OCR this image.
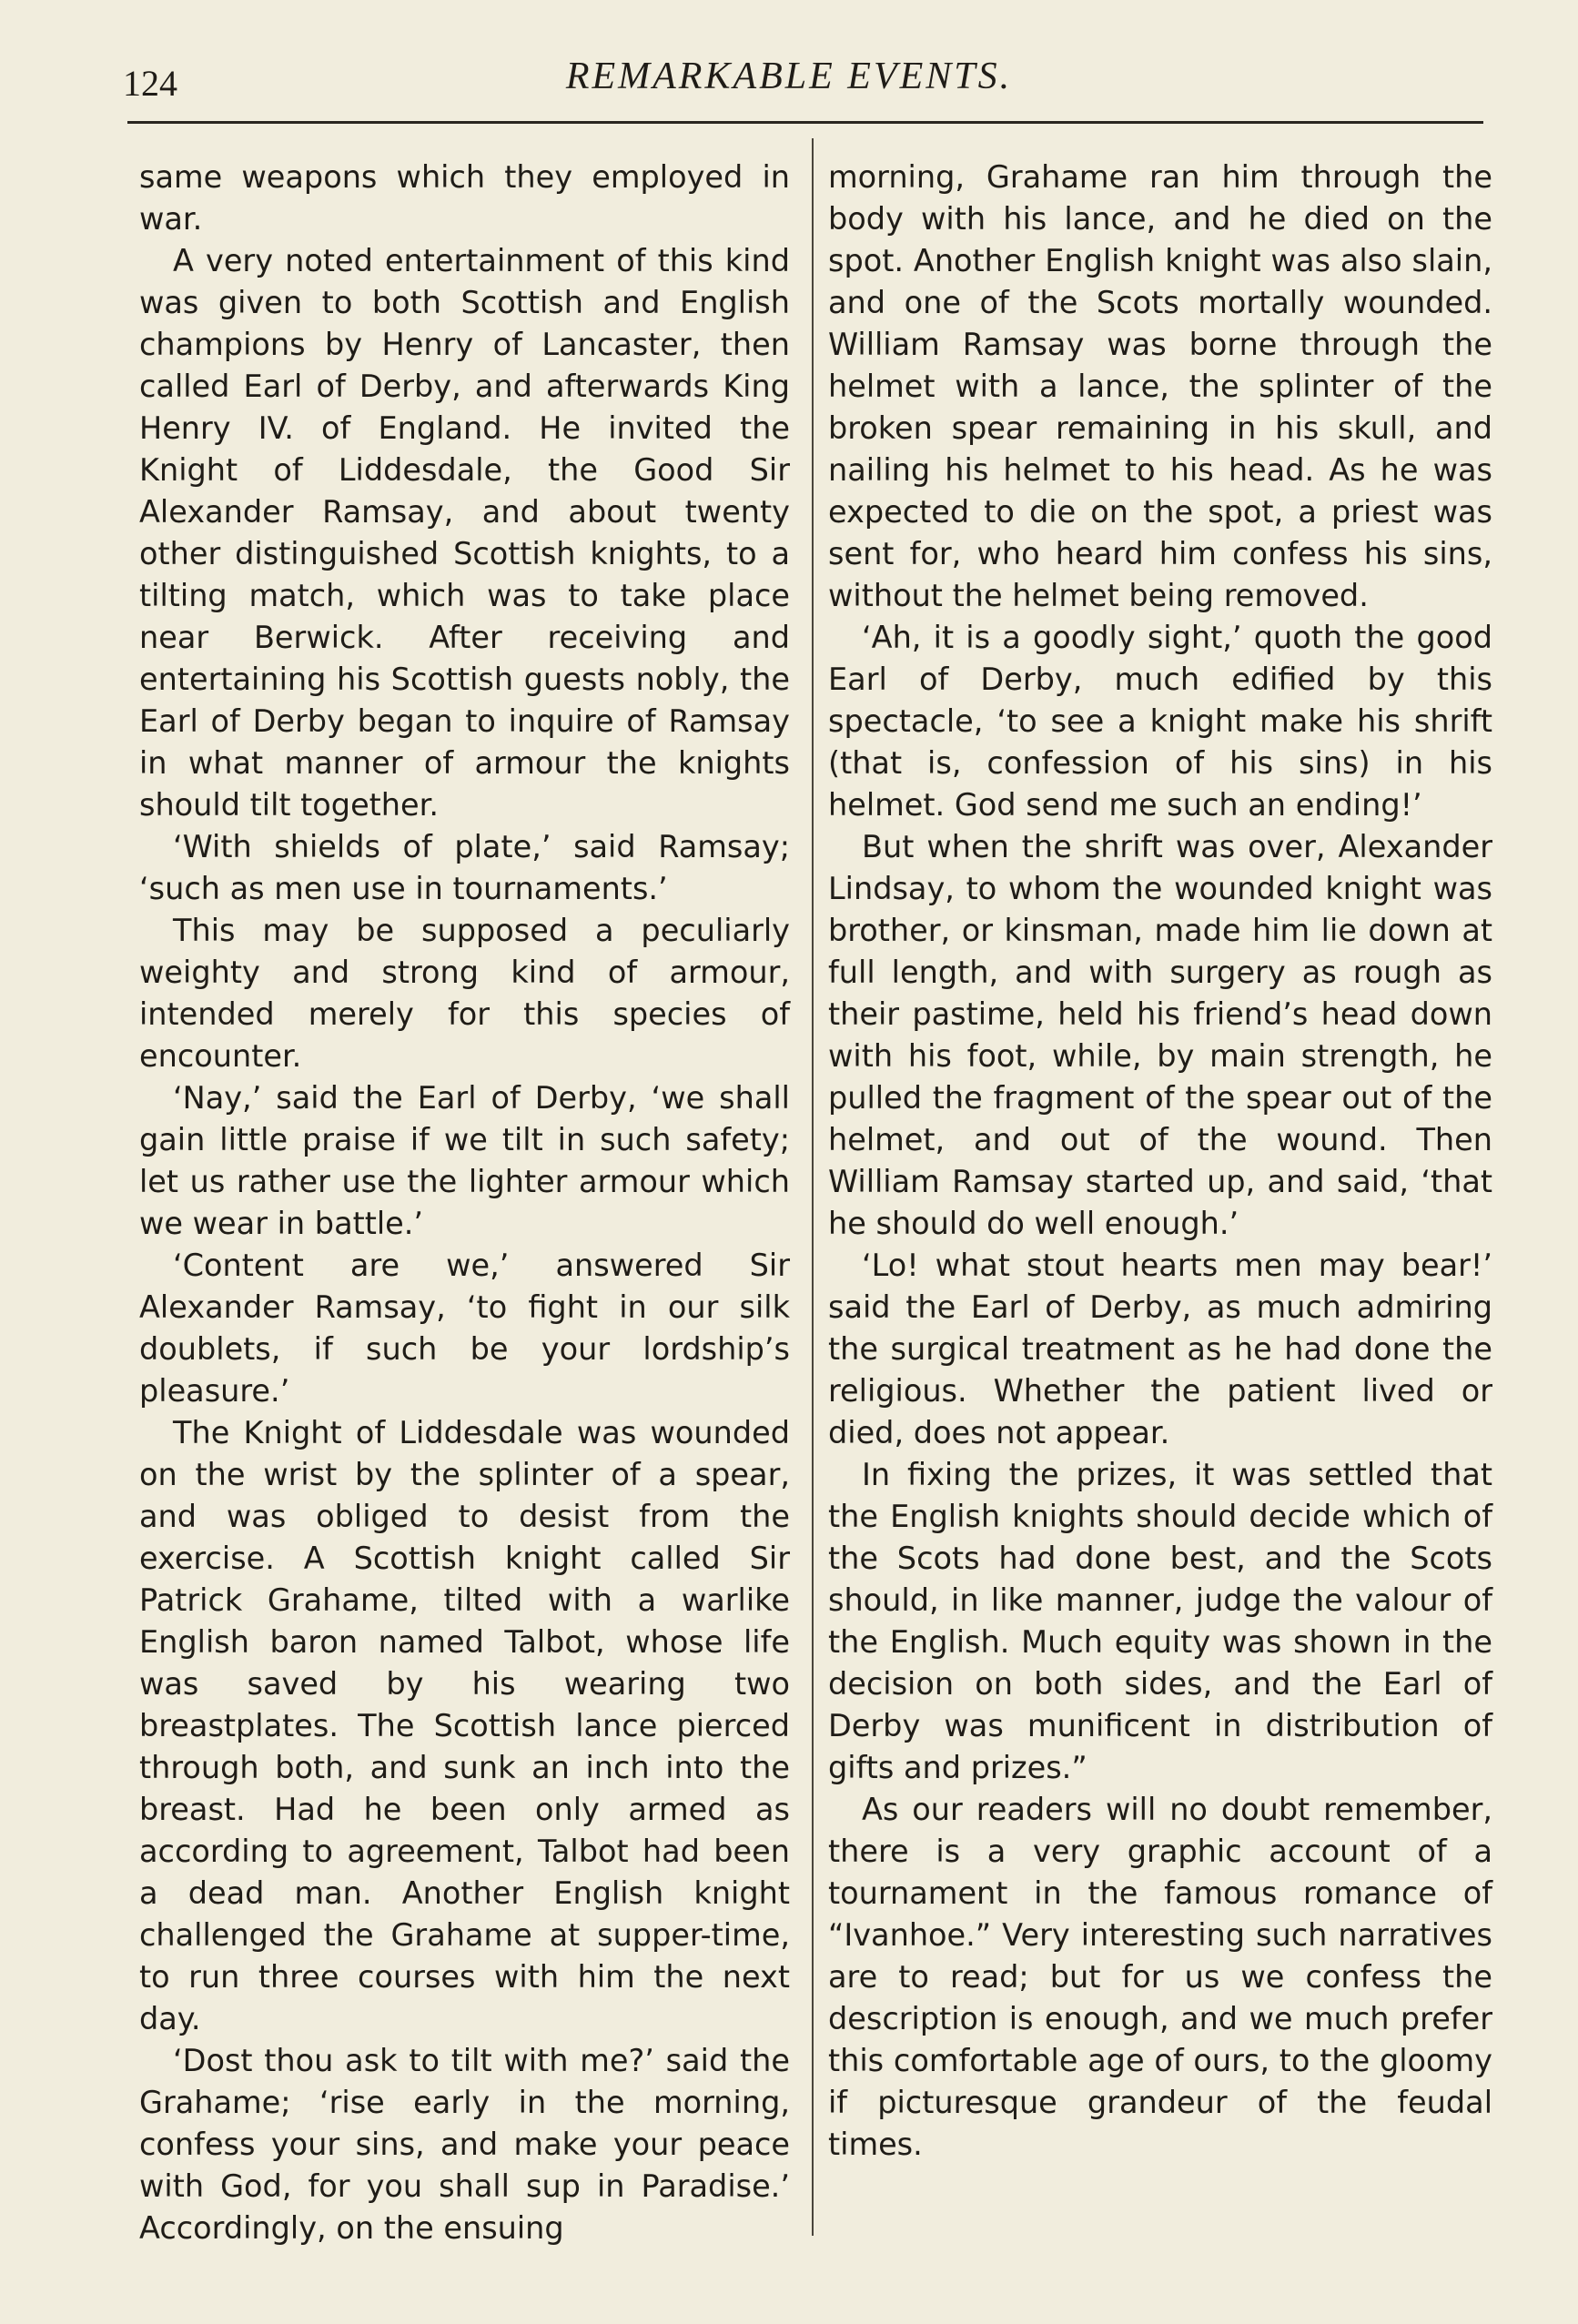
124	REMARKABLE EVENTS.

same weapons which they employed in war.

A very noted entertainment of this kind was given to both Scottish and English champions by Henry of Lancaster, then called Earl of Derby, and afterwards King Henry IV. of England. He invited the Knight of Liddesdale, the Good Sir Alexander Ramsay, and about twenty other distinguished Scottish knights, to a tilting match, which was to take place near Berwick. After receiving and entertaining his Scottish guests nobly, the Earl of Derby began to inquire of Ramsay in what manner of armour the knights should tilt together.

‘With shields of plate,’ said Ramsay; ‘such as men use in tournaments.’

This may be supposed a peculiarly weighty and strong kind of armour, intended merely for this species of encounter.

‘Nay,’ said the Earl of Derby, ‘we shall gain little praise if we tilt in such safety; let us rather use the lighter armour which we wear in battle.’

‘Content are we,’ answered Sir Alexander Ramsay, ‘to fight in our silk doublets, if such be your lordship’s pleasure.’

The Knight of Liddesdale was wounded on the wrist by the splinter of a spear, and was obliged to desist from the exercise. A Scottish knight called Sir Patrick Grahame, tilted with a warlike English baron named Talbot, whose life was saved by his wearing two breastplates. The Scottish lance pierced through both, and sunk an inch into the breast. Had he been only armed as according to agreement, Talbot had been a dead man. Another English knight challenged the Grahame at supper-time, to run three courses with him the next day.

‘Dost thou ask to tilt with me?’ said the Grahame; ‘rise early in the morning, confess your sins, and make your peace with God, for you shall sup in Paradise.’ Accordingly, on the ensuing

morning, Grahame ran him through the body with his lance, and he died on the spot. Another English knight was also slain, and one of the Scots mortally wounded. William Ramsay was borne through the helmet with a lance, the splinter of the broken spear remaining in his skull, and nailing his helmet to his head. As he was expected to die on the spot, a priest was sent for, who heard him confess his sins, without the helmet being removed.

‘Ah, it is a goodly sight,’ quoth the good Earl of Derby, much edified by this spectacle, ‘to see a knight make his shrift (that is, confession of his sins) in his helmet. God send me such an ending!’

But when the shrift was over, Alexander Lindsay, to whom the wounded knight was brother, or kinsman, made him lie down at full length, and with surgery as rough as their pastime, held his friend’s head down with his foot, while, by main strength, he pulled the fragment of the spear out of the helmet, and out of the wound. Then William Ramsay started up, and said, ‘that he should do well enough.’

‘Lo! what stout hearts men may bear!’ said the Earl of Derby, as much admiring the surgical treatment as he had done the religious. Whether the patient lived or died, does not appear.

In fixing the prizes, it was settled that the English knights should decide which of the Scots had done best, and the Scots should, in like manner, judge the valour of the English. Much equity was shown in the decision on both sides, and the Earl of Derby was munificent in distribution of gifts and prizes.”

As our readers will no doubt remember, there is a very graphic account of a tournament in the famous romance of “Ivanhoe.” Very interesting such narratives are to read; but for us we confess the description is enough, and we much prefer this comfortable age of ours, to the gloomy if picturesque grandeur of the feudal times.
